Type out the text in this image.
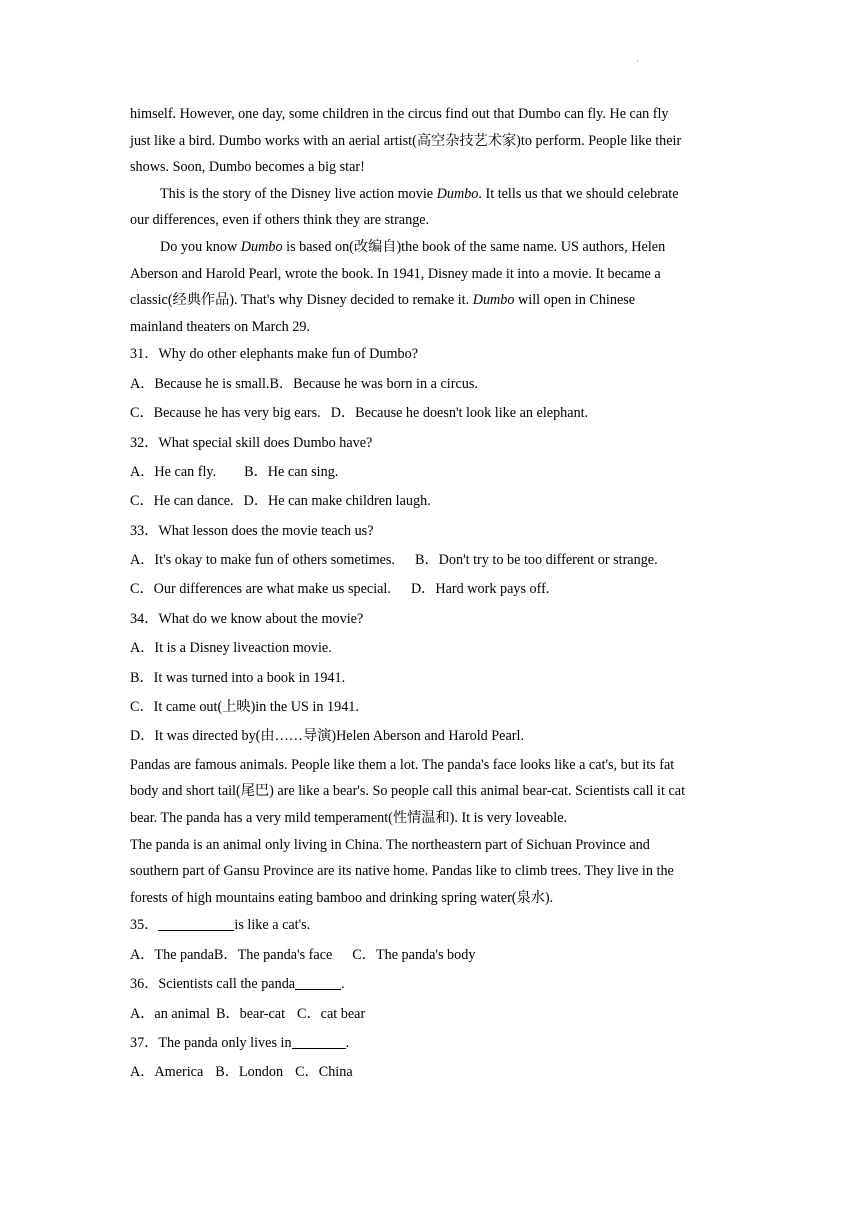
·
himself. However, one day, some children in the circus find out that Dumbo can fly. He can fly
just like a bird. Dumbo works with an aerial artist(高空杂技艺术家)to perform. People like their
shows. Soon, Dumbo becomes a big star!
This is the story of the Disney live action movie Dumbo. It tells us that we should celebrate
our differences, even if others think they are strange.
Do you know Dumbo is based on(改编自)the book of the same name. US authors, Helen
Aberson and Harold Pearl, wrote the book. In 1941, Disney made it into a movie. It became a
classic(经典作品). That's why Disney decided to remake it. Dumbo will open in Chinese
mainland theaters on March 29.
31．Why do other elephants make fun of Dumbo?
A．Because he is small.B．Because he was born in a circus.
C．Because he has very big ears. D．Because he doesn't look like an elephant.
32．What special skill does Dumbo have?
A．He can fly. B．He can sing.
C．He can dance. D．He can make children laugh.
33．What lesson does the movie teach us?
A．It's okay to make fun of others sometimes. B．Don't try to be too different or strange.
C．Our differences are what make us special. D．Hard work pays off.
34．What do we know about the movie?
A．It is a Disney liveaction movie.
B．It was turned into a book in 1941.
C．It came out(上映)in the US in 1941.
D．It was directed by(由……导演)Helen Aberson and Harold Pearl.
Pandas are famous animals. People like them a lot. The panda's face looks like a cat's, but its fat
body and short tail(尾巴) are like a bear's. So people call this animal bear-cat. Scientists call it cat
bear. The panda has a very mild temperament(性情温和). It is very loveable.
The panda is an animal only living in China. The northeastern part of Sichuan Province and
southern part of Gansu Province are its native home. Pandas like to climb trees. They live in the
forests of high mountains eating bamboo and drinking spring water(泉水).
35．	is like a cat's.
A．The pandaB．The panda's face C．The panda's body
36．Scientists call the panda	.
A．an animal B．bear-cat C．cat bear
37．The panda only lives in	.
A．America B．London C．China
